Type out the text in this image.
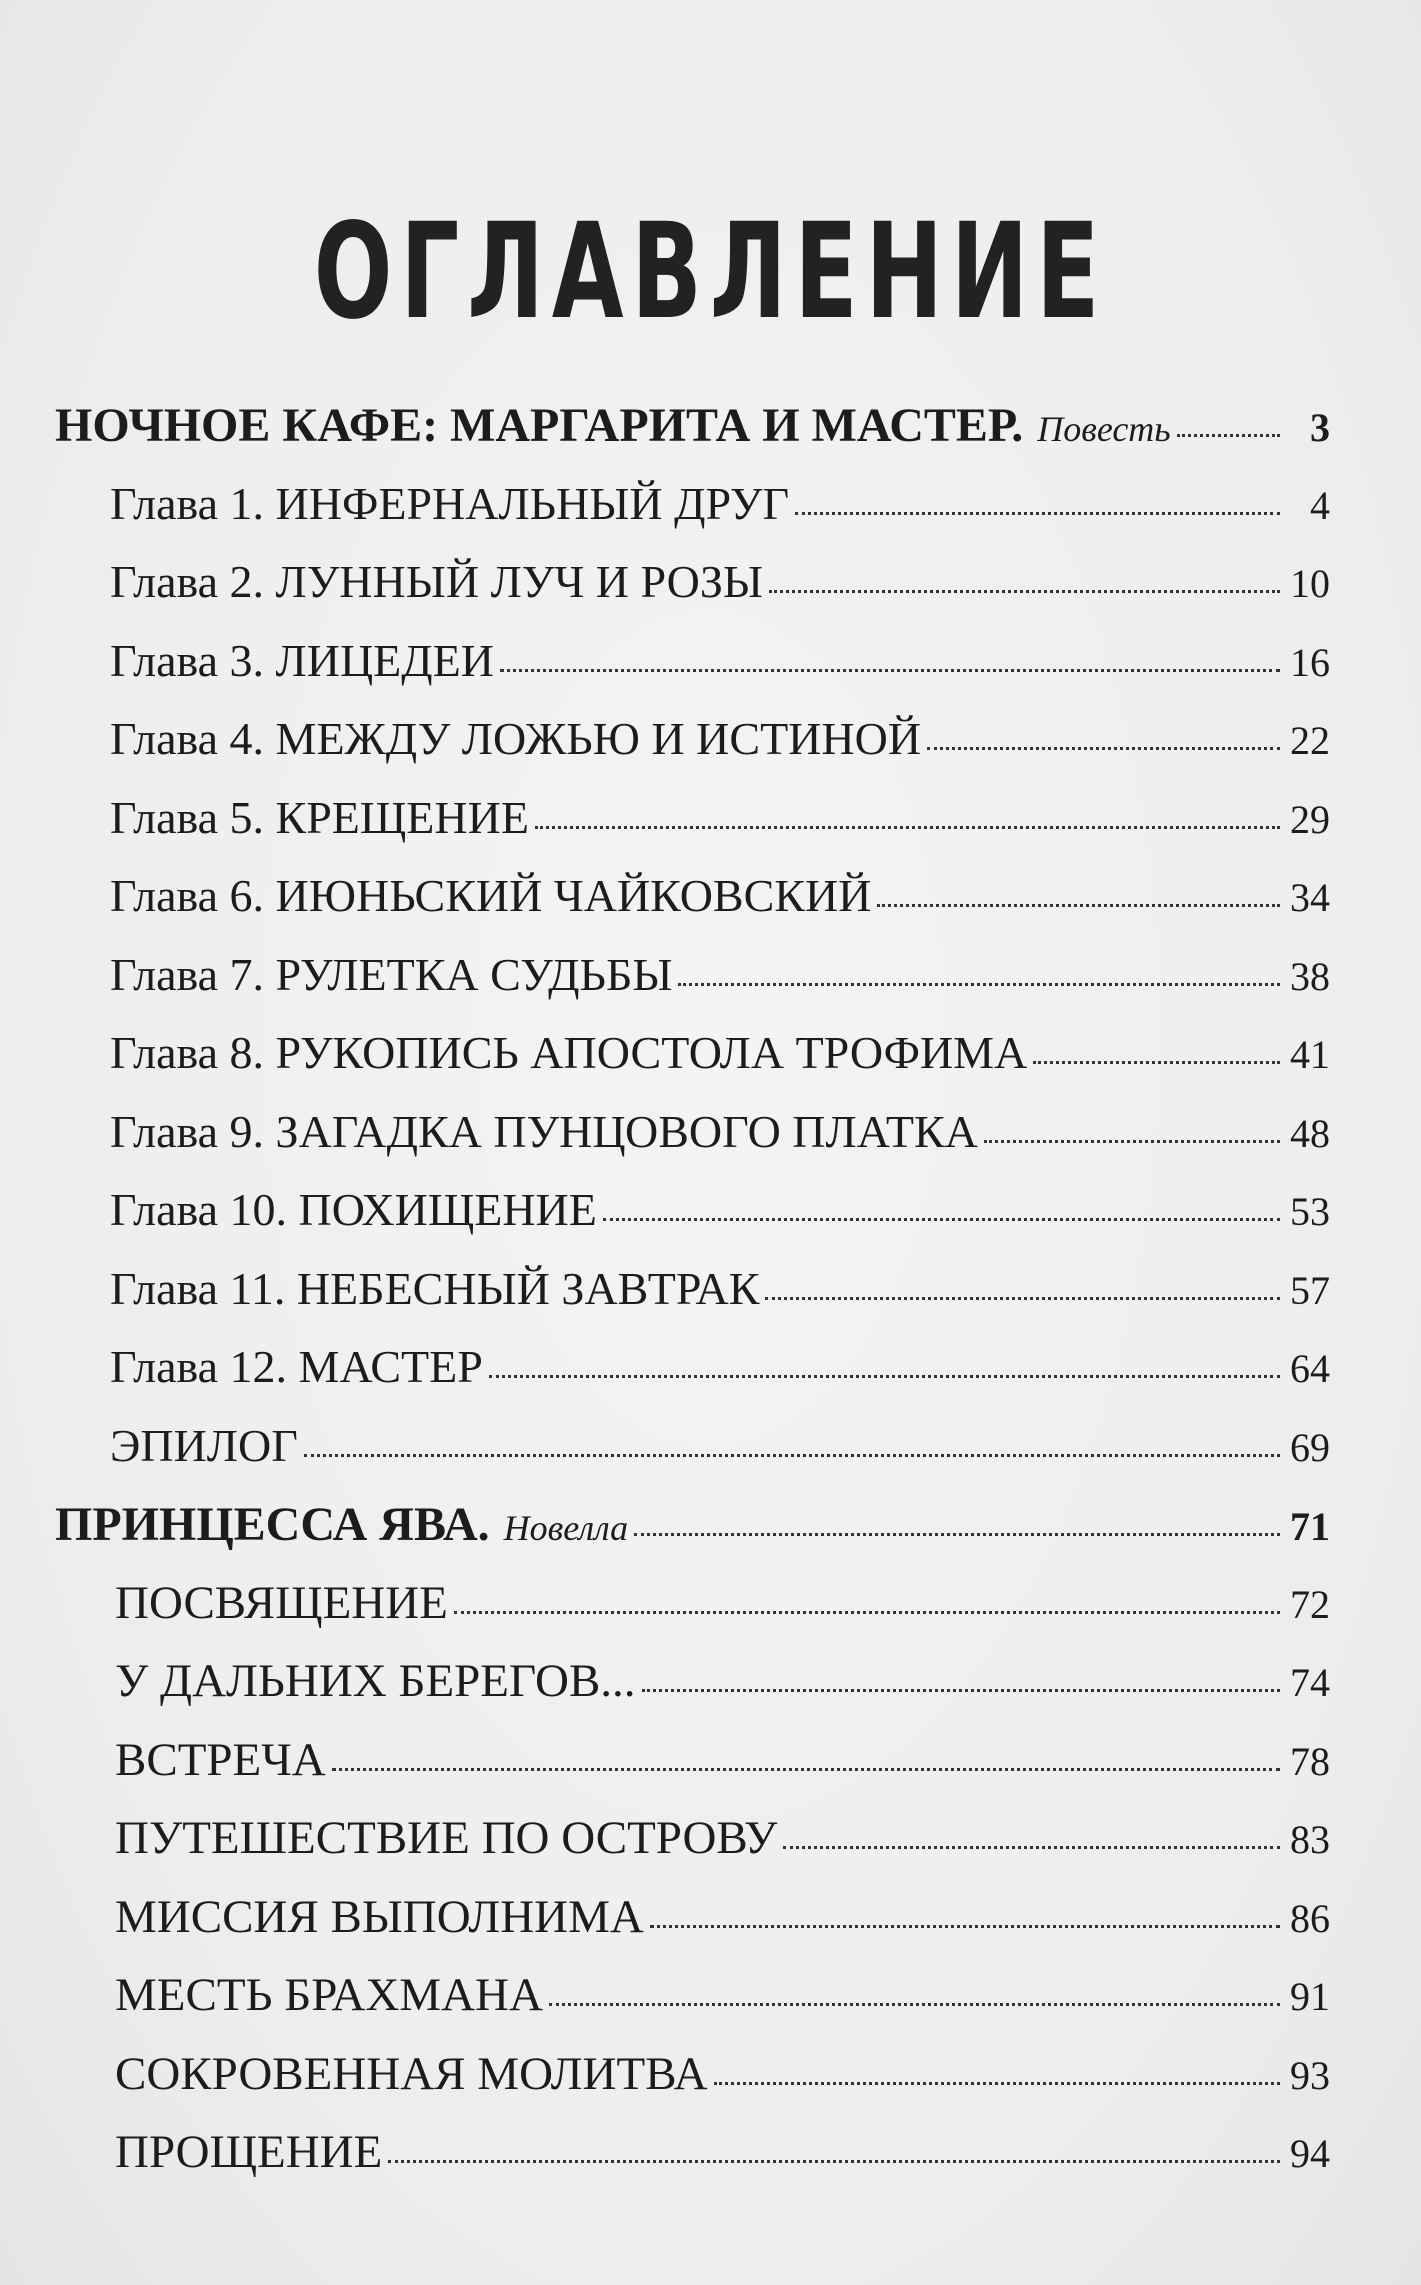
ОГЛАВЛЕНИЕ
НОЧНОЕ КАФЕ: МАРГАРИТА И МАСТЕР. Повесть	3
Глава 1. ИНФЕРНАЛЬНЫЙ ДРУГ	4
Глава 2. ЛУННЫЙ ЛУЧ И РОЗЫ	10
Глава 3. ЛИЦЕДЕИ	16
Глава 4. МЕЖДУ ЛОЖЬЮ И ИСТИНОЙ	22
Глава 5. КРЕЩЕНИЕ	29
Глава 6. ИЮНЬСКИЙ ЧАЙКОВСКИЙ	34
Глава 7. РУЛЕТКА СУДЬБЫ	38
Глава 8. РУКОПИСЬ АПОСТОЛА ТРОФИМА	41
Глава 9. ЗАГАДКА ПУНЦОВОГО ПЛАТКА	48
Глава 10. ПОХИЩЕНИЕ	53
Глава 11. НЕБЕСНЫЙ ЗАВТРАК	57
Глава 12. МАСТЕР	64
ЭПИЛОГ	69
ПРИНЦЕССА ЯВА. Новелла	71
ПОСВЯЩЕНИЕ	72
У ДАЛЬНИХ БЕРЕГОВ...	74
ВСТРЕЧА	78
ПУТЕШЕСТВИЕ ПО ОСТРОВУ	83
МИССИЯ ВЫПОЛНИМА	86
МЕСТЬ БРАХМАНА	91
СОКРОВЕННАЯ МОЛИТВА	93
ПРОЩЕНИЕ	94
